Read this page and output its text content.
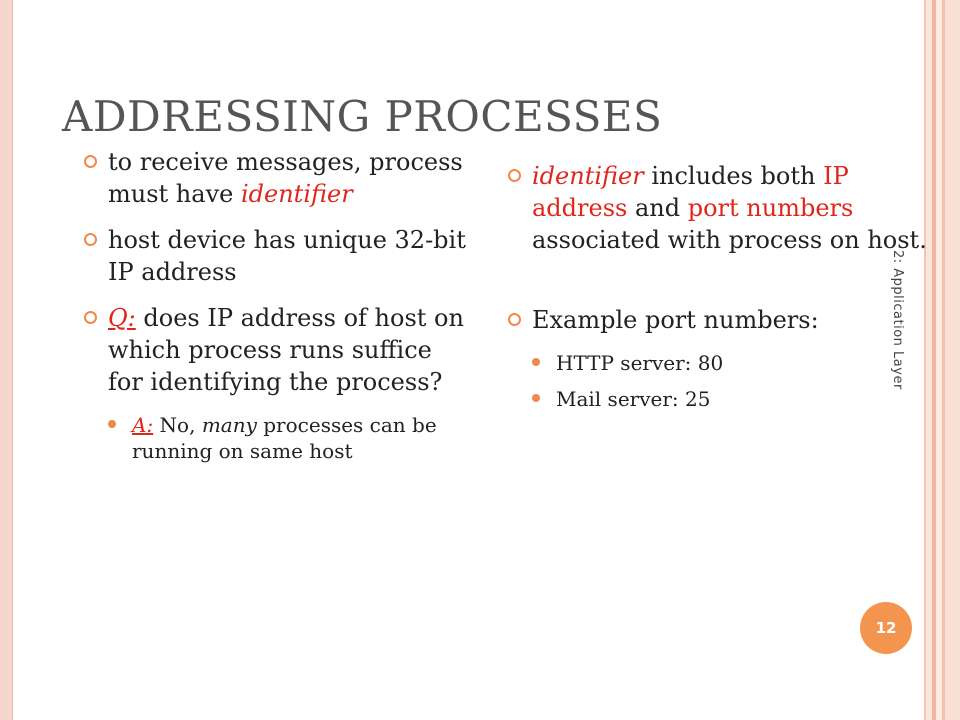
ADDRESSING PROCESSES
to receive messages, process must have identifier
host device has unique 32-bit IP address
Q: does IP address of host on which process runs suffice for identifying the process?
A: No, many processes can be running on same host
identifier includes both IP address and port numbers associated with process on host.
Example port numbers:
HTTP server: 80
Mail server: 25
2: Application Layer
12
